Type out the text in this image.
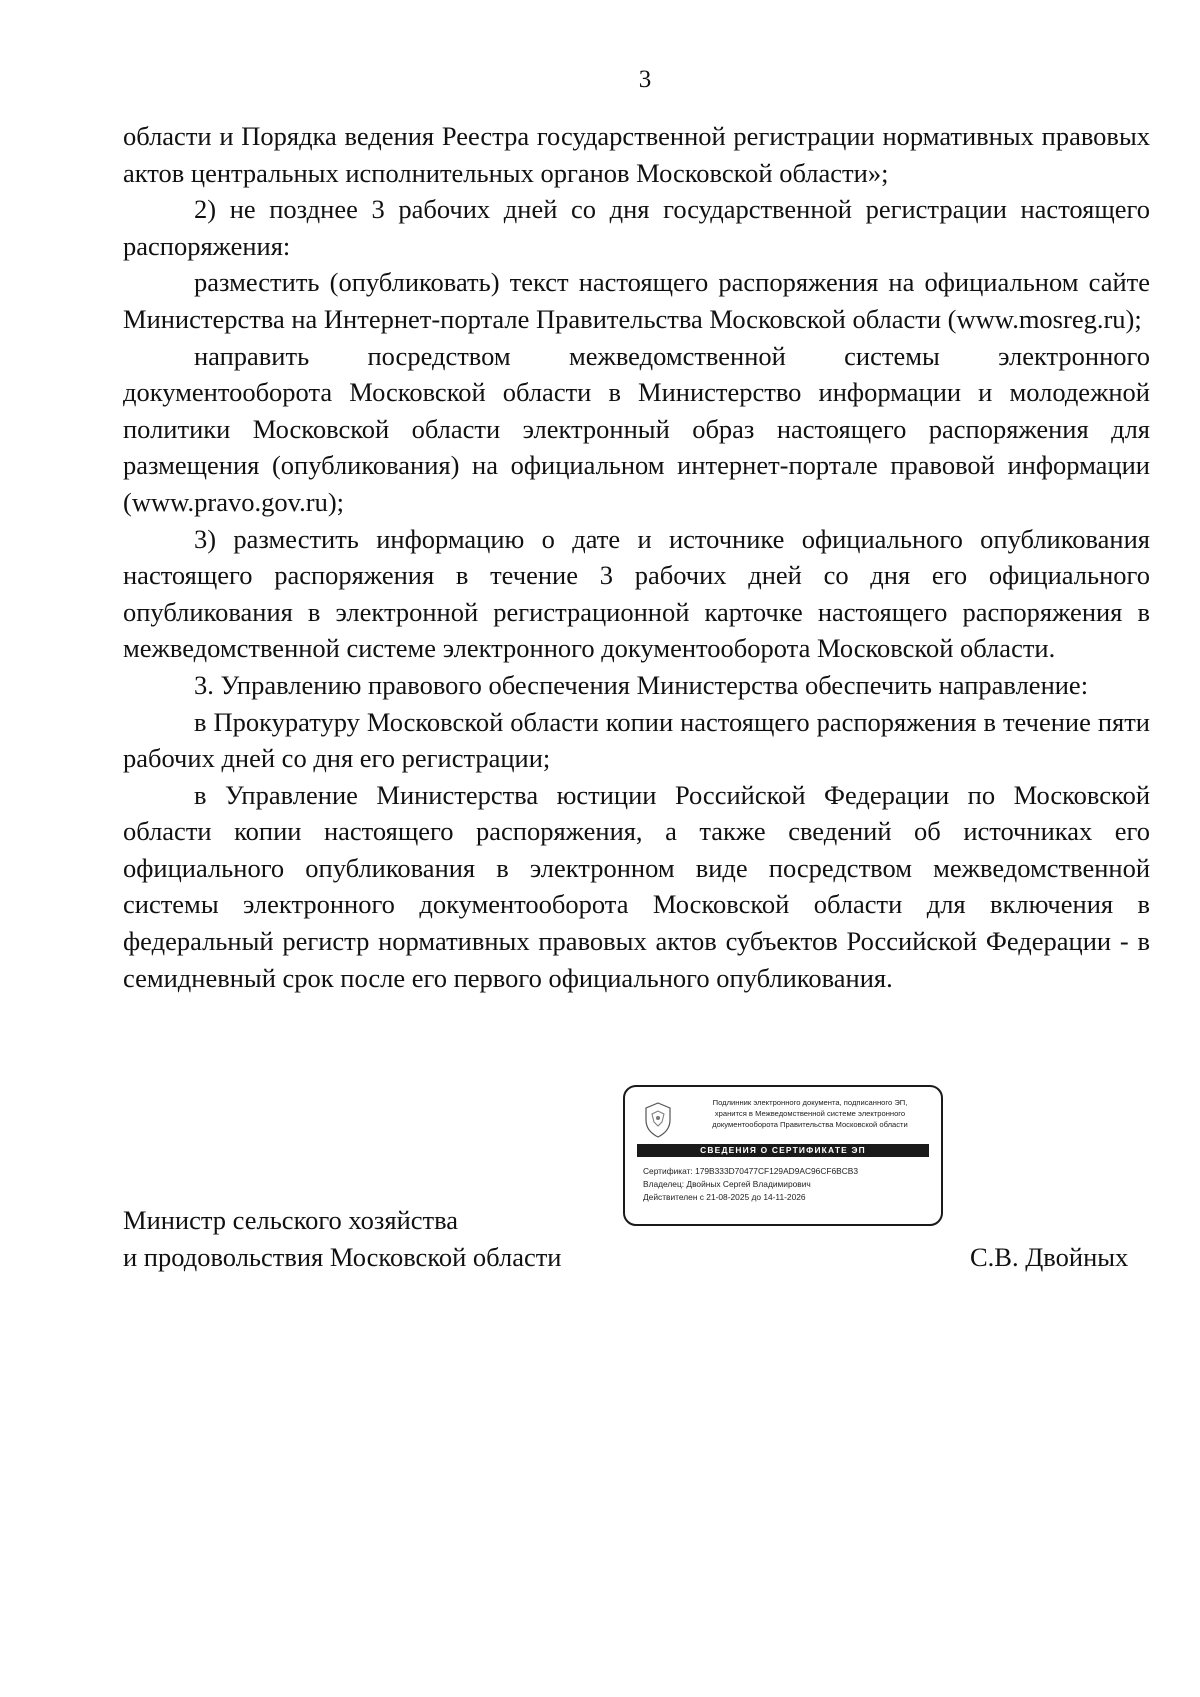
3

области и Порядка ведения Реестра государственной регистрации нормативных правовых актов центральных исполнительных органов Московской области»;

2) не позднее 3 рабочих дней со дня государственной регистрации настоящего распоряжения:

разместить (опубликовать) текст настоящего распоряжения на официальном сайте Министерства на Интернет-портале Правительства Московской области (www.mosreg.ru);

направить посредством межведомственной системы электронного документооборота Московской области в Министерство информации и молодежной политики Московской области электронный образ настоящего распоряжения для размещения (опубликования) на официальном интернет-портале правовой информации (www.pravo.gov.ru);

3) разместить информацию о дате и источнике официального опубликования настоящего распоряжения в течение 3 рабочих дней со дня его официального опубликования в электронной регистрационной карточке настоящего распоряжения в межведомственной системе электронного документооборота Московской области.

3. Управлению правового обеспечения Министерства обеспечить направление:

в Прокуратуру Московской области копии настоящего распоряжения в течение пяти рабочих дней со дня его регистрации;

в Управление Министерства юстиции Российской Федерации по Московской области копии настоящего распоряжения, а также сведений об источниках его официального опубликования в электронном виде посредством межведомственной системы электронного документооборота Московской области для включения в федеральный регистр нормативных правовых актов субъектов Российской Федерации - в семидневный срок после его первого официального опубликования.

Подлинник электронного документа, подписанного ЭП,
хранится в Межведомственной системе электронного
документооборота Правительства Московской области
СВЕДЕНИЯ О СЕРТИФИКАТЕ ЭП
Сертификат: 179B333D70477CF129AD9AC96CF6BCB3
Владелец: Двойных Сергей Владимирович
Действителен с 21-08-2025 до 14-11-2026
Министр сельского хозяйства
и продовольствия Московской области	С.В. Двойных
